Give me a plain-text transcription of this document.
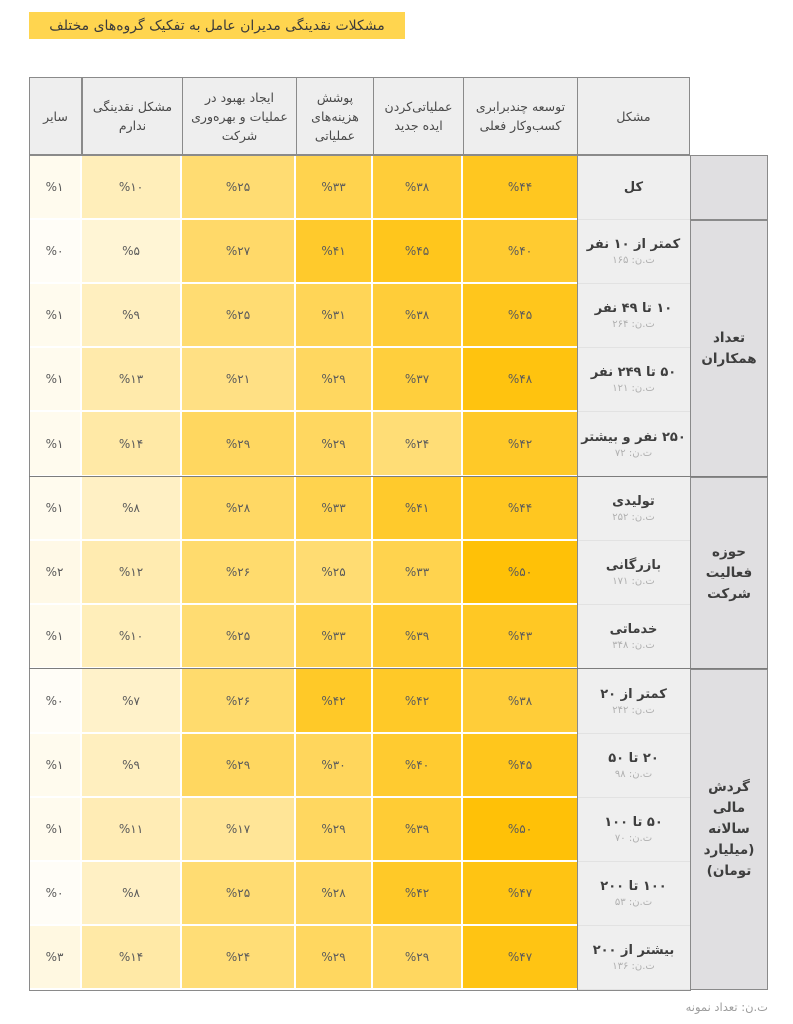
مشکلات نقدینگی مدیران عامل به تفکیک گروه‌های مختلف
مشکل
توسعه چندبرابری کسب‌وکار فعلی
عملیاتی‌کردن ایده جدید
پوشش هزینه‌های عملیاتی
ایجاد بهبود در عملیات و بهره‌وری شرکت
مشکل نقدینگی ندارم
سایر
کل
%۴۴
%۳۸
%۳۳
%۲۵
%۱۰
%۱
کمتر از ۱۰ نفر
ت.ن: ۱۶۵
%۴۰
%۴۵
%۴۱
%۲۷
%۵
%۰
۱۰ تا ۴۹ نفر
ت.ن: ۲۶۴
%۴۵
%۳۸
%۳۱
%۲۵
%۹
%۱
۵۰ تا ۲۴۹ نفر
ت.ن: ۱۲۱
%۴۸
%۳۷
%۲۹
%۲۱
%۱۳
%۱
۲۵۰ نفر و بیشتر
ت.ن: ۷۲
%۴۲
%۲۴
%۲۹
%۲۹
%۱۴
%۱
تولیدی
ت.ن: ۲۵۲
%۴۴
%۴۱
%۳۳
%۲۸
%۸
%۱
بازرگانی
ت.ن: ۱۷۱
%۵۰
%۳۳
%۲۵
%۲۶
%۱۲
%۲
خدماتی
ت.ن: ۳۴۸
%۴۳
%۳۹
%۳۳
%۲۵
%۱۰
%۱
کمتر از ۲۰
ت.ن: ۲۴۲
%۳۸
%۴۲
%۴۲
%۲۶
%۷
%۰
۲۰ تا ۵۰
ت.ن: ۹۸
%۴۵
%۴۰
%۳۰
%۲۹
%۹
%۱
۵۰ تا ۱۰۰
ت.ن: ۷۰
%۵۰
%۳۹
%۲۹
%۱۷
%۱۱
%۱
۱۰۰ تا ۲۰۰
ت.ن: ۵۳
%۴۷
%۴۲
%۲۸
%۲۵
%۸
%۰
بیشتر از ۲۰۰
ت.ن: ۱۳۶
%۴۷
%۲۹
%۲۹
%۲۴
%۱۴
%۳
تعداد همکاران
حوزه فعالیت شرکت
گردش مالی سالانه (میلیارد تومان)
ت.ن: تعداد نمونه
